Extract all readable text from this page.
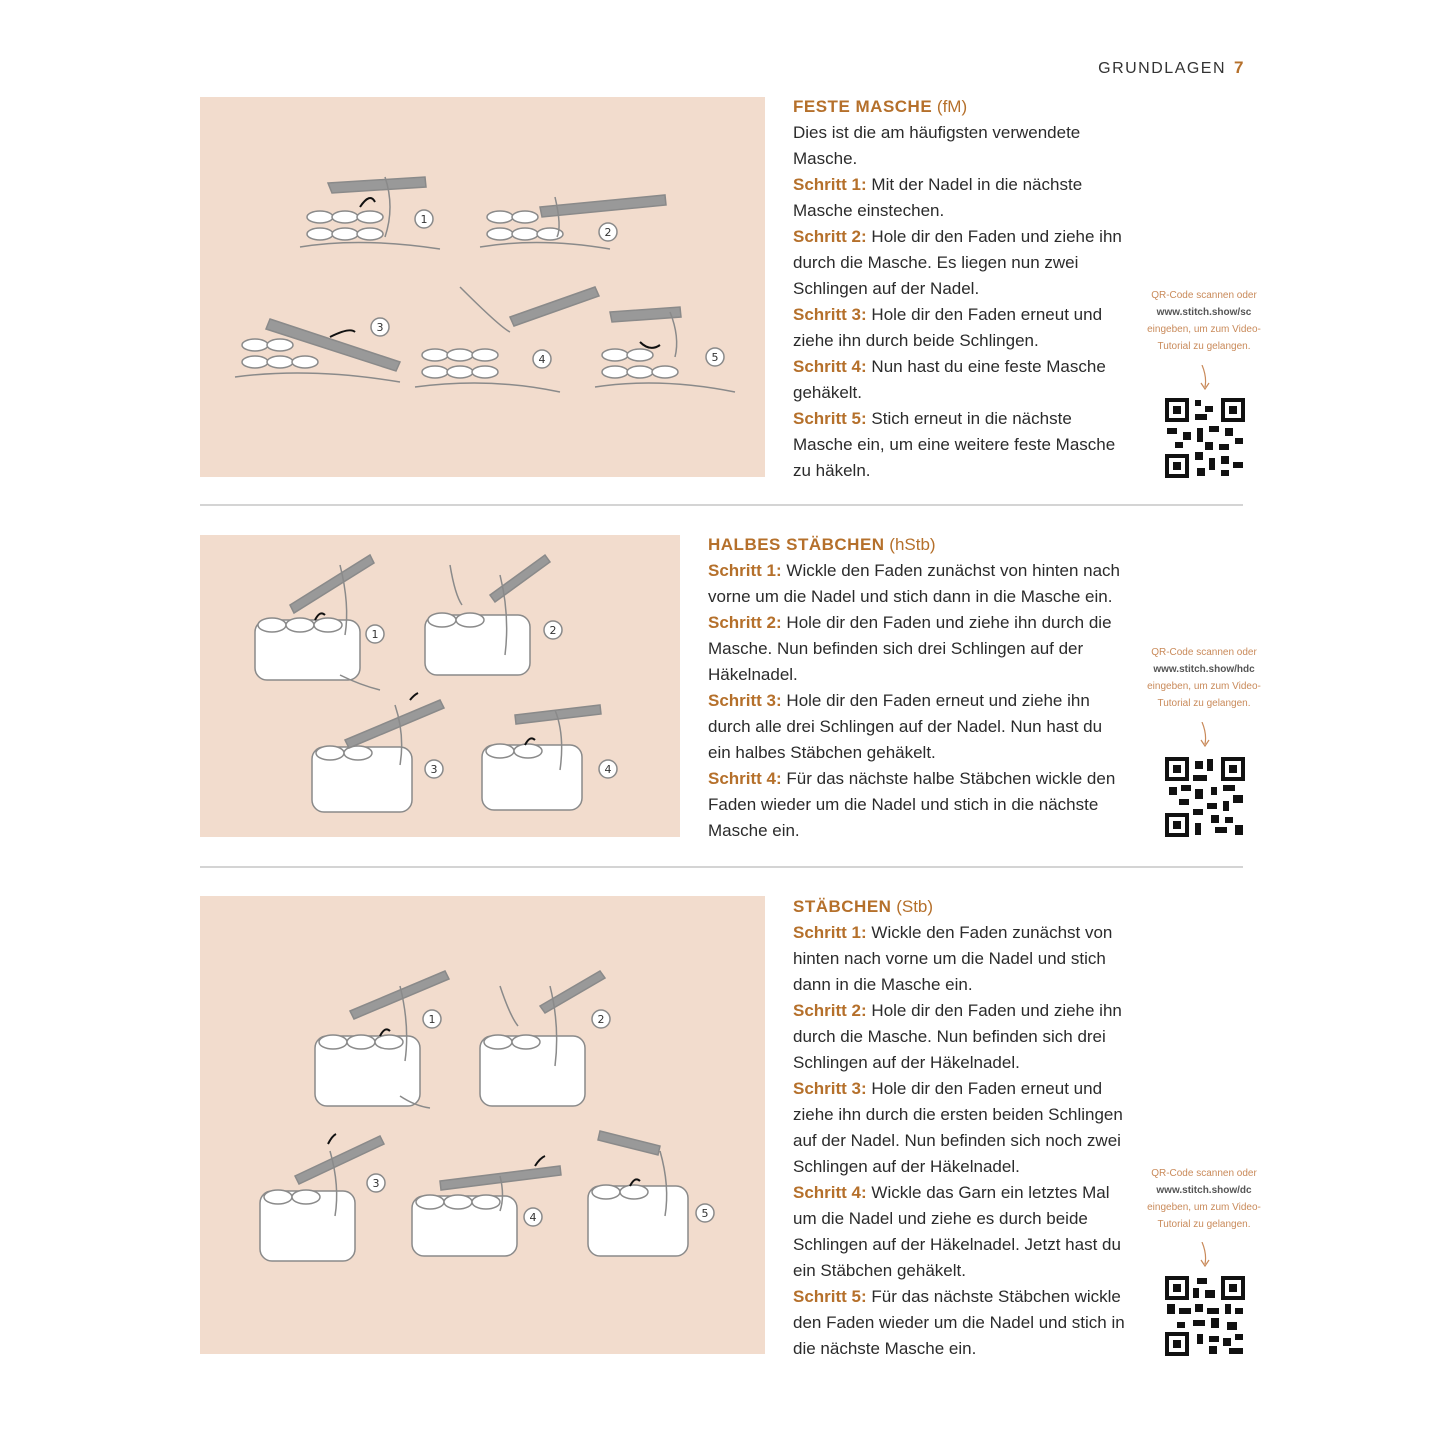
GRUNDLAGEN 7
1
2
3
4	5
FESTE MASCHE (fM)
Dies ist die am häufigsten verwendete Masche.
Schritt 1: Mit der Nadel in die nächste Masche einstechen.
Schritt 2: Hole dir den Faden und ziehe ihn durch die Masche. Es liegen nun zwei Schlingen auf der Nadel.
Schritt 3: Hole dir den Faden erneut und ziehe ihn durch beide Schlingen.
Schritt 4: Nun hast du eine feste Masche gehäkelt.
Schritt 5: Stich erneut in die nächste Masche ein, um eine weitere feste Masche zu häkeln.
QR-Code scannen oder
www.stitch.show/sc
eingeben, um zum Video-
Tutorial zu gelangen.
1	2
3	4
HALBES STÄBCHEN (hStb)
Schritt 1: Wickle den Faden zunächst von hinten nach vorne um die Nadel und stich dann in die Masche ein.
Schritt 2: Hole dir den Faden und ziehe ihn durch die Masche. Nun befinden sich drei Schlingen auf der Häkelnadel.
Schritt 3: Hole dir den Faden erneut und ziehe ihn durch alle drei Schlingen auf der Nadel. Nun hast du ein halbes Stäbchen gehäkelt.
Schritt 4: Für das nächste halbe Stäbchen wickle den Faden wieder um die Nadel und stich in die nächste Masche ein.
QR-Code scannen oder
www.stitch.show/hdc
eingeben, um zum Video-
Tutorial zu gelangen.
1	2
3
4	5
STÄBCHEN (Stb)
Schritt 1: Wickle den Faden zunächst von hinten nach vorne um die Nadel und stich dann in die Masche ein.
Schritt 2: Hole dir den Faden und ziehe ihn durch die Masche. Nun befinden sich drei Schlingen auf der Häkelnadel.
Schritt 3: Hole dir den Faden erneut und ziehe ihn durch die ersten beiden Schlingen auf der Nadel. Nun befinden sich noch zwei Schlingen auf der Häkelnadel.
Schritt 4: Wickle das Garn ein letztes Mal um die Nadel und ziehe es durch beide Schlingen auf der Häkelnadel. Jetzt hast du ein Stäbchen gehäkelt.
Schritt 5: Für das nächste Stäbchen wickle den Faden wieder um die Nadel und stich in die nächste Masche ein.
QR-Code scannen oder
www.stitch.show/dc
eingeben, um zum Video-
Tutorial zu gelangen.
